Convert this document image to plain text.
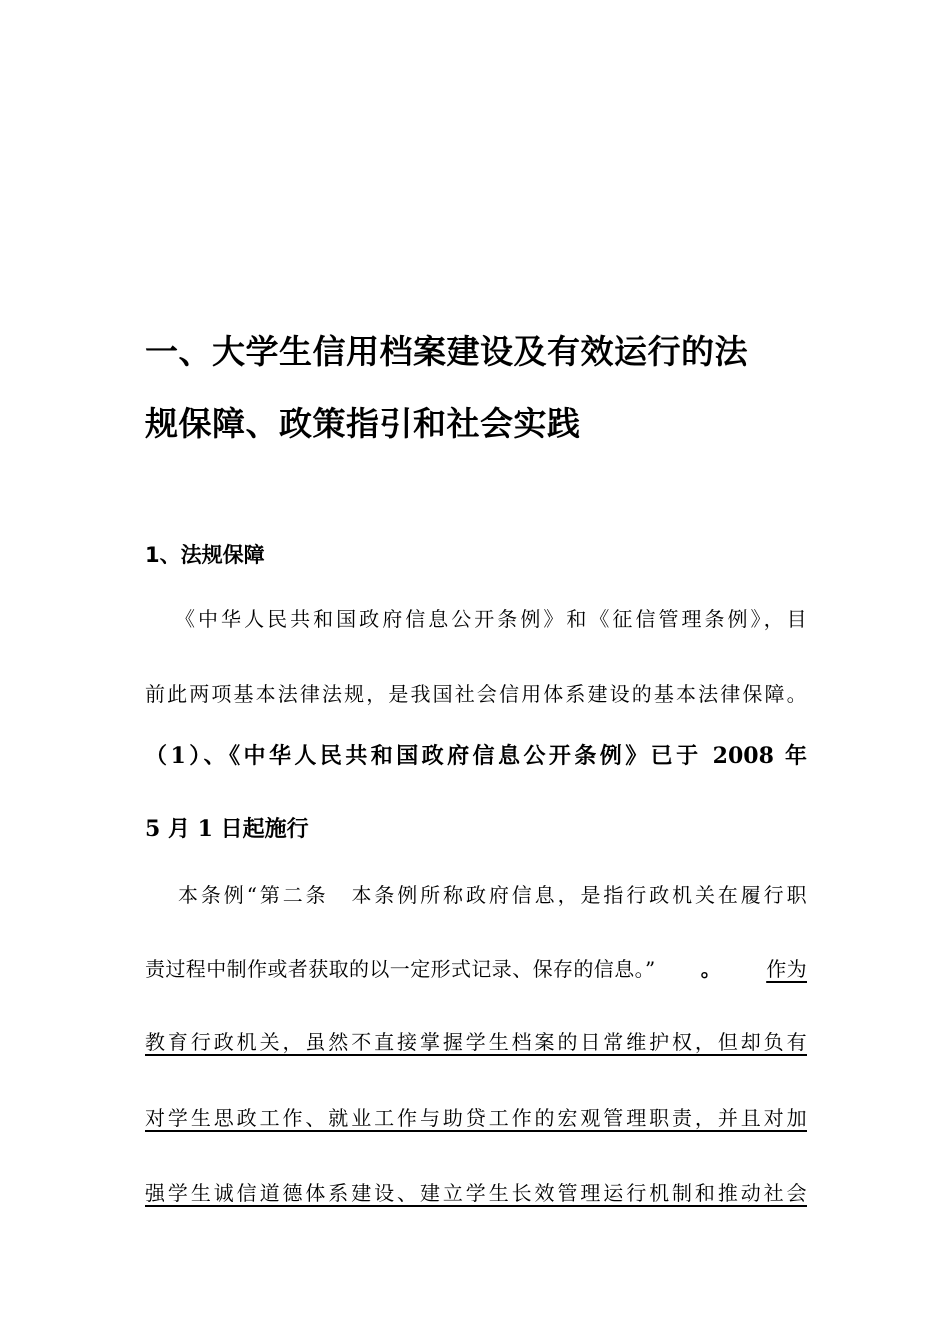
一、大学生信用档案建设及有效运行的法
规保障、政策指引和社会实践
1、法规保障
《中华人民共和国政府信息公开条例》和《征信管理条例》，目
前此两项基本法律法规，是我国社会信用体系建设的基本法律保障。
（1）、《中华人民共和国政府信息公开条例》已于 2008 年
5 月 1 日起施行
本条例“第二条　本条例所称政府信息，是指行政机关在履行职
责过程中制作或者获取的以一定形式记录、保存的信息。” 。 作为
教育行政机关，虽然不直接掌握学生档案的日常维护权，但却负有
对学生思政工作、就业工作与助贷工作的宏观管理职责，并且对加
强学生诚信道德体系建设、建立学生长效管理运行机制和推动社会
